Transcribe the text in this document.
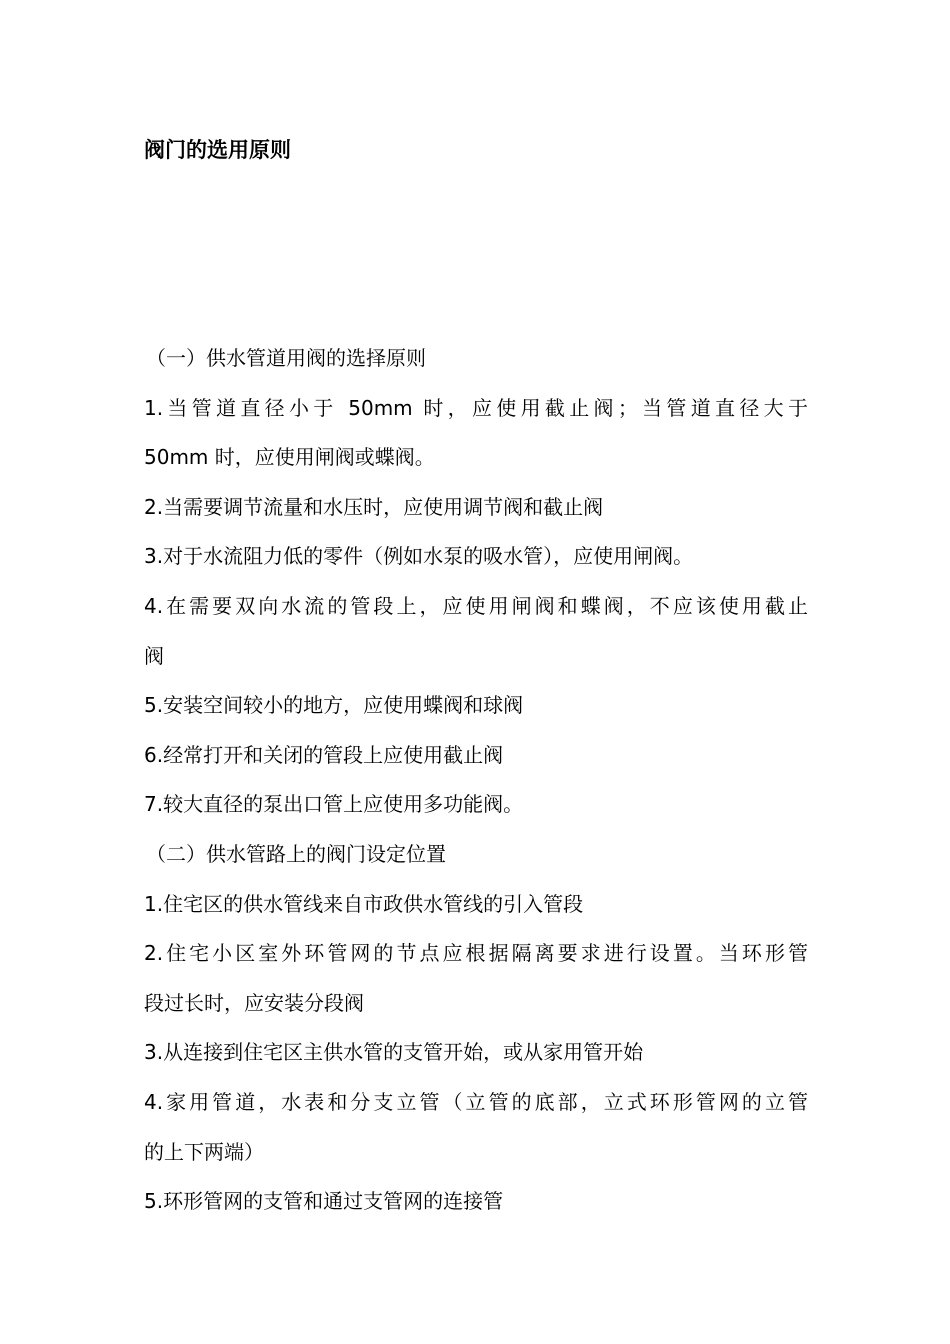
阀门的选用原则
（一）供水管道用阀的选择原则
1.当管道直径小于 50mm 时，应使用截止阀；当管道直径大于
50mm 时，应使用闸阀或蝶阀。
2.当需要调节流量和水压时，应使用调节阀和截止阀
3.对于水流阻力低的零件（例如水泵的吸水管），应使用闸阀。
4.在需要双向水流的管段上，应使用闸阀和蝶阀，不应该使用截止
阀
5.安装空间较小的地方，应使用蝶阀和球阀
6.经常打开和关闭的管段上应使用截止阀
7.较大直径的泵出口管上应使用多功能阀。
（二）供水管路上的阀门设定位置
1.住宅区的供水管线来自市政供水管线的引入管段
2.住宅小区室外环管网的节点应根据隔离要求进行设置。当环形管
段过长时，应安装分段阀
3.从连接到住宅区主供水管的支管开始，或从家用管开始
4.家用管道，水表和分支立管（立管的底部，立式环形管网的立管
的上下两端）
5.环形管网的支管和通过支管网的连接管
